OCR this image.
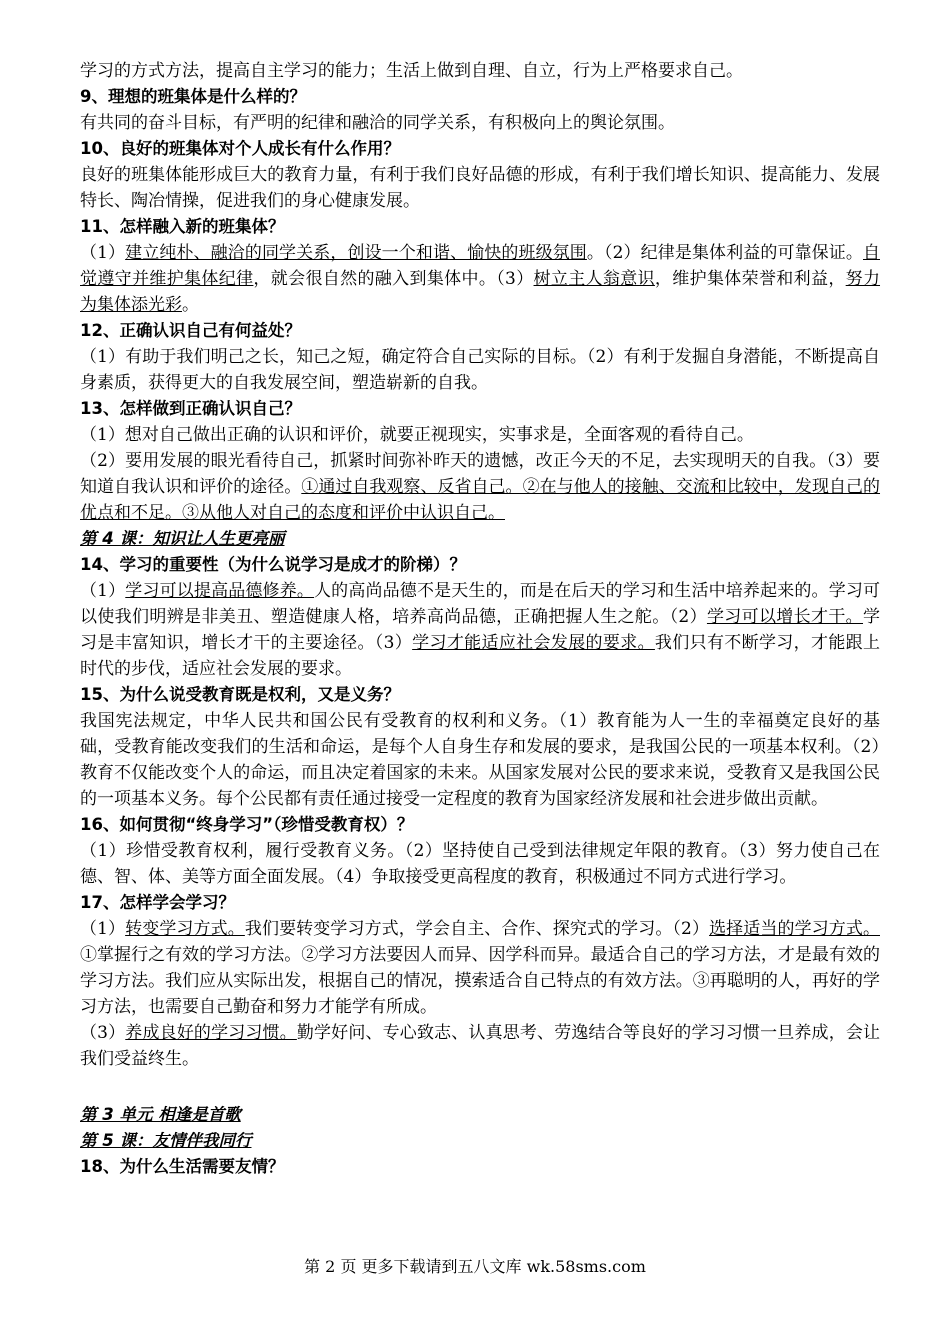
学习的方式方法，提高自主学习的能力；生活上做到自理、自立，行为上严格要求自己。

9、理想的班集体是什么样的？

有共同的奋斗目标，有严明的纪律和融洽的同学关系，有积极向上的舆论氛围。

10、良好的班集体对个人成长有什么作用？

良好的班集体能形成巨大的教育力量，有利于我们良好品德的形成，有利于我们增长知识、提高能力、发展特长、陶冶情操，促进我们的身心健康发展。

11、怎样融入新的班集体？

（1）建立纯朴、融洽的同学关系，创设一个和谐、愉快的班级氛围。（2）纪律是集体利益的可靠保证。自觉遵守并维护集体纪律，就会很自然的融入到集体中。（3）树立主人翁意识，维护集体荣誉和利益，努力为集体添光彩。

12、正确认识自己有何益处？

（1）有助于我们明己之长，知己之短，确定符合自己实际的目标。（2）有利于发掘自身潜能，不断提高自身素质，获得更大的自我发展空间，塑造崭新的自我。

13、怎样做到正确认识自己？

（1）想对自己做出正确的认识和评价，就要正视现实，实事求是，全面客观的看待自己。

（2）要用发展的眼光看待自己，抓紧时间弥补昨天的遗憾，改正今天的不足，去实现明天的自我。（3）要知道自我认识和评价的途径。①通过自我观察、反省自己。②在与他人的接触、交流和比较中，发现自己的优点和不足。③从他人对自己的态度和评价中认识自己。

第 4 课：知识让人生更亮丽

14、学习的重要性（为什么说学习是成才的阶梯）？

（1）学习可以提高品德修养。人的高尚品德不是天生的，而是在后天的学习和生活中培养起来的。学习可以使我们明辨是非美丑、塑造健康人格，培养高尚品德，正确把握人生之舵。（2）学习可以增长才干。学习是丰富知识，增长才干的主要途径。（3）学习才能适应社会发展的要求。我们只有不断学习，才能跟上时代的步伐，适应社会发展的要求。

15、为什么说受教育既是权利，又是义务？

我国宪法规定，中华人民共和国公民有受教育的权利和义务。（1）教育能为人一生的幸福奠定良好的基础，受教育能改变我们的生活和命运，是每个人自身生存和发展的要求，是我国公民的一项基本权利。（2）教育不仅能改变个人的命运，而且决定着国家的未来。从国家发展对公民的要求来说，受教育又是我国公民的一项基本义务。每个公民都有责任通过接受一定程度的教育为国家经济发展和社会进步做出贡献。

16、如何贯彻“终身学习”（珍惜受教育权）？

（1）珍惜受教育权利，履行受教育义务。（2）坚持使自己受到法律规定年限的教育。（3）努力使自己在德、智、体、美等方面全面发展。（4）争取接受更高程度的教育，积极通过不同方式进行学习。

17、怎样学会学习？

（1）转变学习方式。我们要转变学习方式，学会自主、合作、探究式的学习。（2）选择适当的学习方式。①掌握行之有效的学习方法。②学习方法要因人而异、因学科而异。最适合自己的学习方法，才是最有效的学习方法。我们应从实际出发，根据自己的情况，摸索适合自己特点的有效方法。③再聪明的人，再好的学习方法，也需要自己勤奋和努力才能学有所成。

（3）养成良好的学习习惯。勤学好问、专心致志、认真思考、劳逸结合等良好的学习习惯一旦养成，会让我们受益终生。

第 3 单元 相逢是首歌

第 5 课：友情伴我同行

18、为什么生活需要友情？

第 2 页 更多下载请到五八文库 wk.58sms.com
